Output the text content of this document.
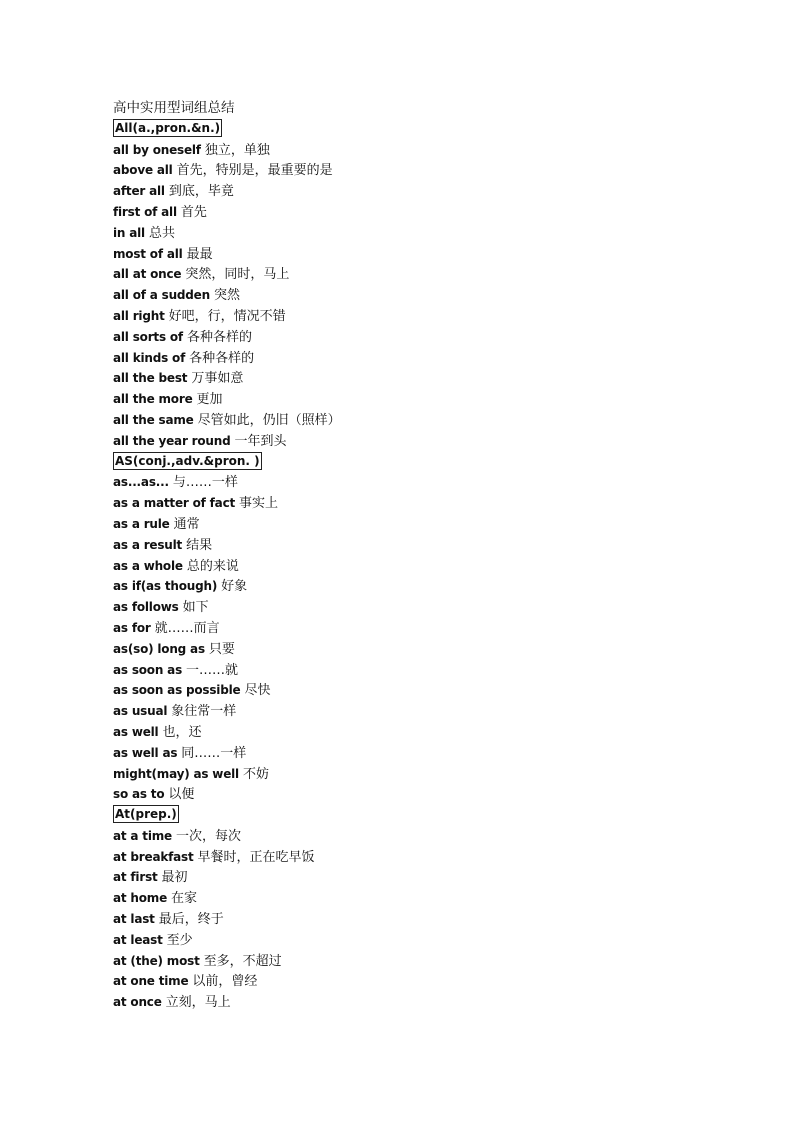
高中实用型词组总结
All(a.,pron.&n.)
all by oneself 独立，单独
above all 首先，特别是，最重要的是
after all 到底，毕竟
first of all 首先
in all 总共
most of all 最最
all at once 突然，同时，马上
all of a sudden 突然
all right 好吧，行，情况不错
all sorts of 各种各样的
all kinds of 各种各样的
all the best 万事如意
all the more 更加
all the same 尽管如此，仍旧（照样）
all the year round 一年到头
AS(conj.,adv.&pron. )
as...as... 与……一样
as a matter of fact 事实上
as a rule 通常
as a result 结果
as a whole 总的来说
as if(as though) 好象
as follows 如下
as for 就……而言
as(so) long as 只要
as soon as 一……就
as soon as possible 尽快
as usual 象往常一样
as well 也，还
as well as 同……一样
might(may) as well 不妨
so as to 以便
At(prep.)
at a time 一次，每次
at breakfast 早餐时，正在吃早饭
at first 最初
at home 在家
at last 最后，终于
at least 至少
at (the) most 至多，不超过
at one time 以前，曾经
at once 立刻，马上
